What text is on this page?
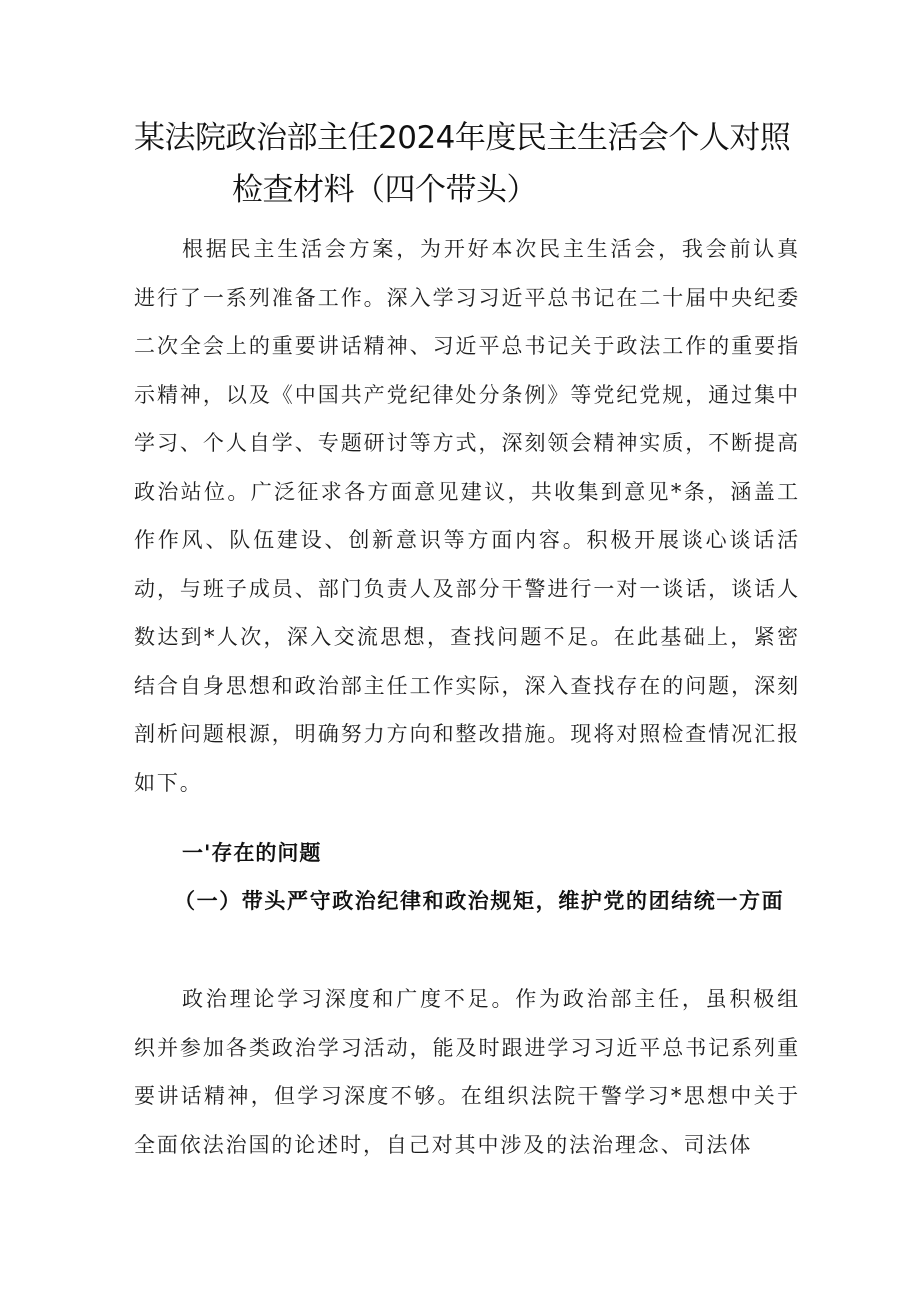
某法院政治部主任2024年度民主生活会个人对照
检查材料（四个带头）
根据民主生活会方案，为开好本次民主生活会，我会前认真进行了一系列准备工作。深入学习习近平总书记在二十届中央纪委二次全会上的重要讲话精神、习近平总书记关于政法工作的重要指示精神，以及《中国共产党纪律处分条例》等党纪党规，通过集中学习、个人自学、专题研讨等方式，深刻领会精神实质，不断提高政治站位。广泛征求各方面意见建议，共收集到意见*条，涵盖工作作风、队伍建设、创新意识等方面内容。积极开展谈心谈话活动，与班子成员、部门负责人及部分干警进行一对一谈话，谈话人数达到*人次，深入交流思想，查找问题不足。在此基础上，紧密结合自身思想和政治部主任工作实际，深入查找存在的问题，深刻剖析问题根源，明确努力方向和整改措施。现将对照检查情况汇报如下。
一'存在的问题
（一）带头严守政治纪律和政治规矩，维护党的团结统一方面
政治理论学习深度和广度不足。作为政治部主任，虽积极组织并参加各类政治学习活动，能及时跟进学习习近平总书记系列重要讲话精神，但学习深度不够。在组织法院干警学习*思想中关于全面依法治国的论述时，自己对其中涉及的法治理念、司法体
